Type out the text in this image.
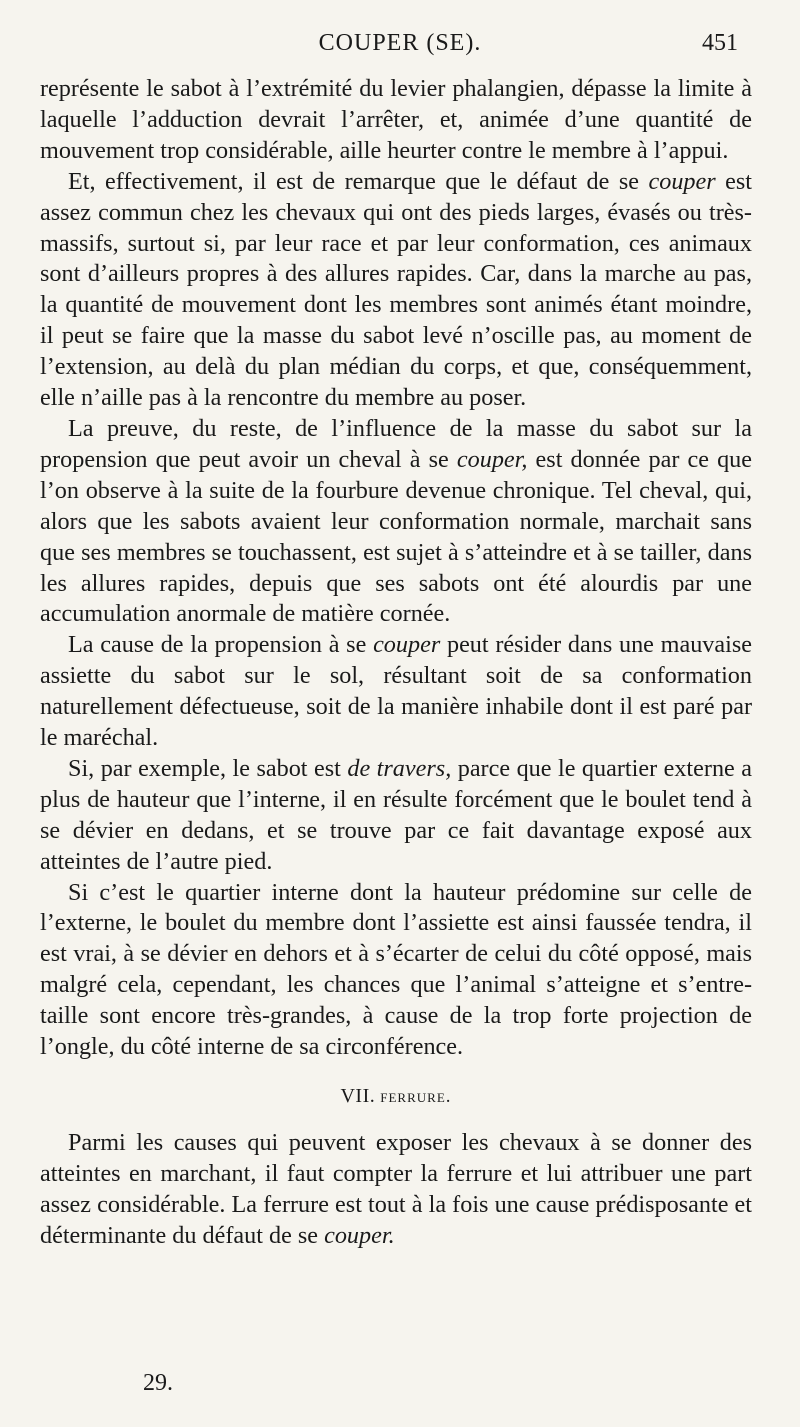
COUPER (SE).	451

représente le sabot à l’extrémité du levier phalangien, dépasse la limite à laquelle l’adduction devrait l’arrêter, et, animée d’une quantité de mouvement trop considérable, aille heurter contre le membre à l’appui.

Et, effectivement, il est de remarque que le défaut de se couper est assez commun chez les chevaux qui ont des pieds larges, évasés ou très-massifs, surtout si, par leur race et par leur conformation, ces animaux sont d’ailleurs propres à des allures rapides. Car, dans la marche au pas, la quantité de mouvement dont les membres sont animés étant moindre, il peut se faire que la masse du sabot levé n’oscille pas, au moment de l’extension, au delà du plan médian du corps, et que, conséquemment, elle n’aille pas à la rencontre du membre au poser.

La preuve, du reste, de l’influence de la masse du sabot sur la propension que peut avoir un cheval à se couper, est donnée par ce que l’on observe à la suite de la fourbure devenue chronique. Tel cheval, qui, alors que les sabots avaient leur conformation normale, marchait sans que ses membres se touchassent, est sujet à s’atteindre et à se tailler, dans les allures rapides, depuis que ses sabots ont été alourdis par une accumulation anormale de matière cornée.

La cause de la propension à se couper peut résider dans une mauvaise assiette du sabot sur le sol, résultant soit de sa conformation naturellement défectueuse, soit de la manière inhabile dont il est paré par le maréchal.

Si, par exemple, le sabot est de travers, parce que le quartier externe a plus de hauteur que l’interne, il en résulte forcément que le boulet tend à se dévier en dedans, et se trouve par ce fait davantage exposé aux atteintes de l’autre pied.

Si c’est le quartier interne dont la hauteur prédomine sur celle de l’externe, le boulet du membre dont l’assiette est ainsi faussée tendra, il est vrai, à se dévier en dehors et à s’écarter de celui du côté opposé, mais malgré cela, cependant, les chances que l’animal s’atteigne et s’entre-taille sont encore très-grandes, à cause de la trop forte projection de l’ongle, du côté interne de sa circonférence.

VII. ferrure.

Parmi les causes qui peuvent exposer les chevaux à se donner des atteintes en marchant, il faut compter la ferrure et lui attribuer une part assez considérable. La ferrure est tout à la fois une cause prédisposante et déterminante du défaut de se couper.

29.
